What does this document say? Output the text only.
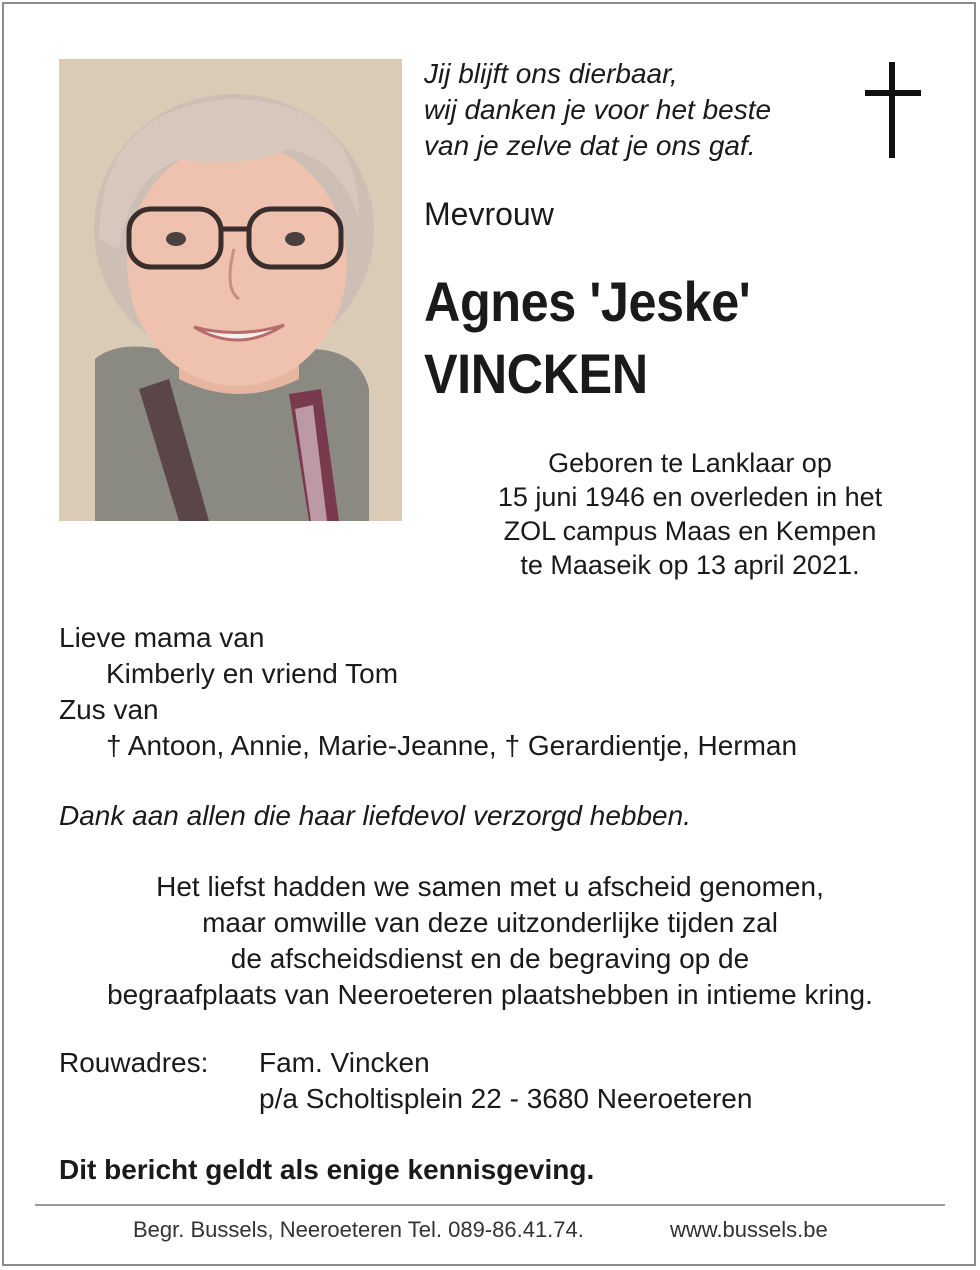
Jij blijft ons dierbaar,
wij danken je voor het beste
van je zelve dat je ons gaf.
Mevrouw
Agnes 'Jeske'
VINCKEN
Geboren te Lanklaar op
15 juni 1946 en overleden in het
ZOL campus Maas en Kempen
te Maaseik op 13 april 2021.
Lieve mama van
Kimberly en vriend Tom
Zus van
† Antoon, Annie, Marie-Jeanne, † Gerardientje, Herman
Dank aan allen die haar liefdevol verzorgd hebben.
Het liefst hadden we samen met u afscheid genomen,
maar omwille van deze uitzonderlijke tijden zal
de afscheidsdienst en de begraving op de
begraafplaats van Neeroeteren plaatshebben in intieme kring.
Rouwadres: Fam. Vincken
p/a Scholtisplein 22 - 3680 Neeroeteren
Dit bericht geldt als enige kennisgeving.
Begr. Bussels, Neeroeteren Tel. 089-86.41.74.	www.bussels.be
